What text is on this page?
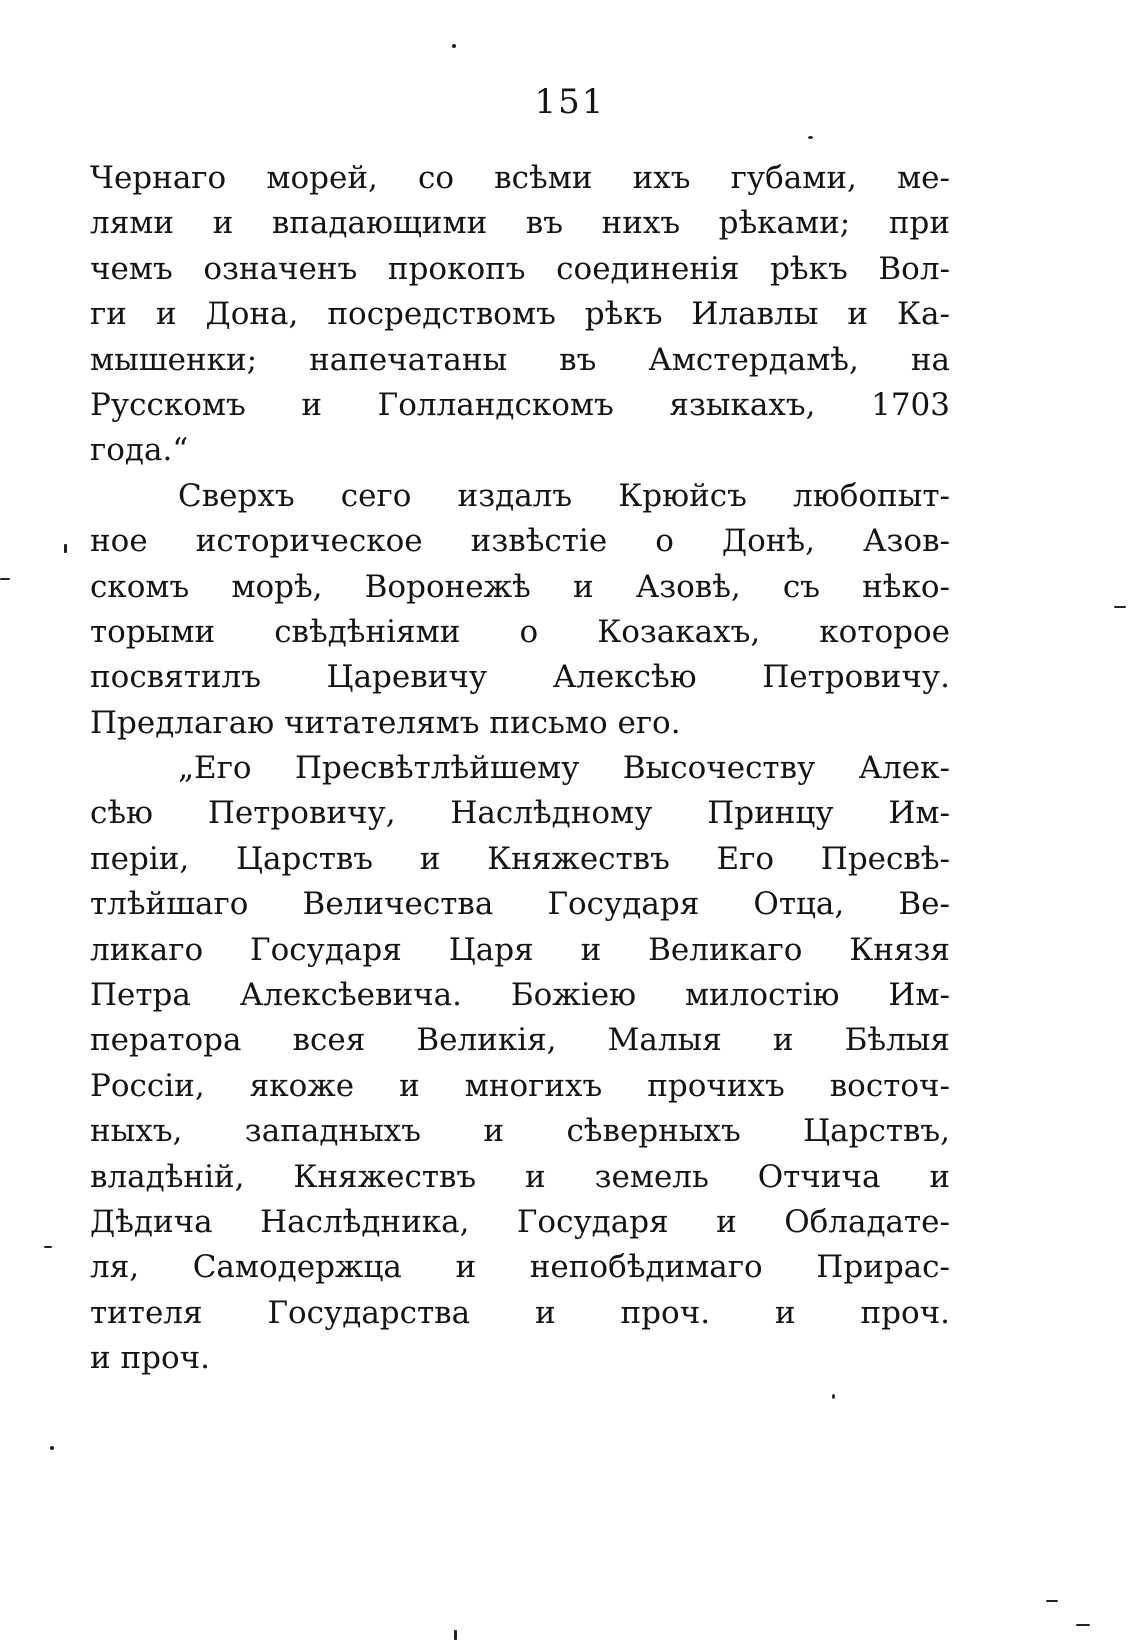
151
Чернаго морей, со всѣми ихъ губами, ме-
лями и впадающими въ нихъ рѣками; при
чемъ означенъ прокопъ соединенія рѣкъ Вол-
ги и Дона, посредствомъ рѣкъ Илавлы и Ка-
мышенки; напечатаны въ Амстердамѣ, на
Русскомъ и Голландскомъ языкахъ, 1703
года.“
Сверхъ сего издалъ Крюйсъ любопыт-
ное историческое извѣстіе о Донѣ, Азов-
скомъ морѣ, Воронежѣ и Азовѣ, съ нѣко-
торыми свѣдѣніями о Козакахъ, которое
посвятилъ Царевичу Алексѣю Петровичу.
Предлагаю читателямъ письмо его.
„Его Пресвѣтлѣйшему Высочеству Алек-
сѣю Петровичу, Наслѣдному Принцу Им-
періи, Царствъ и Княжествъ Его Пресвѣ-
тлѣйшаго Величества Государя Отца, Ве-
ликаго Государя Царя и Великаго Князя
Петра Алексѣевича. Божіею милостію Им-
ператора всея Великія, Малыя и Бѣлыя
Россіи, якоже и многихъ прочихъ восточ-
ныхъ, западныхъ и сѣверныхъ Царствъ,
владѣній, Княжествъ и земель Отчича и
Дѣдича Наслѣдника, Государя и Обладате-
ля, Самодержца и непобѣдимаго Прирас-
тителя Государства и проч. и проч.
и проч.
